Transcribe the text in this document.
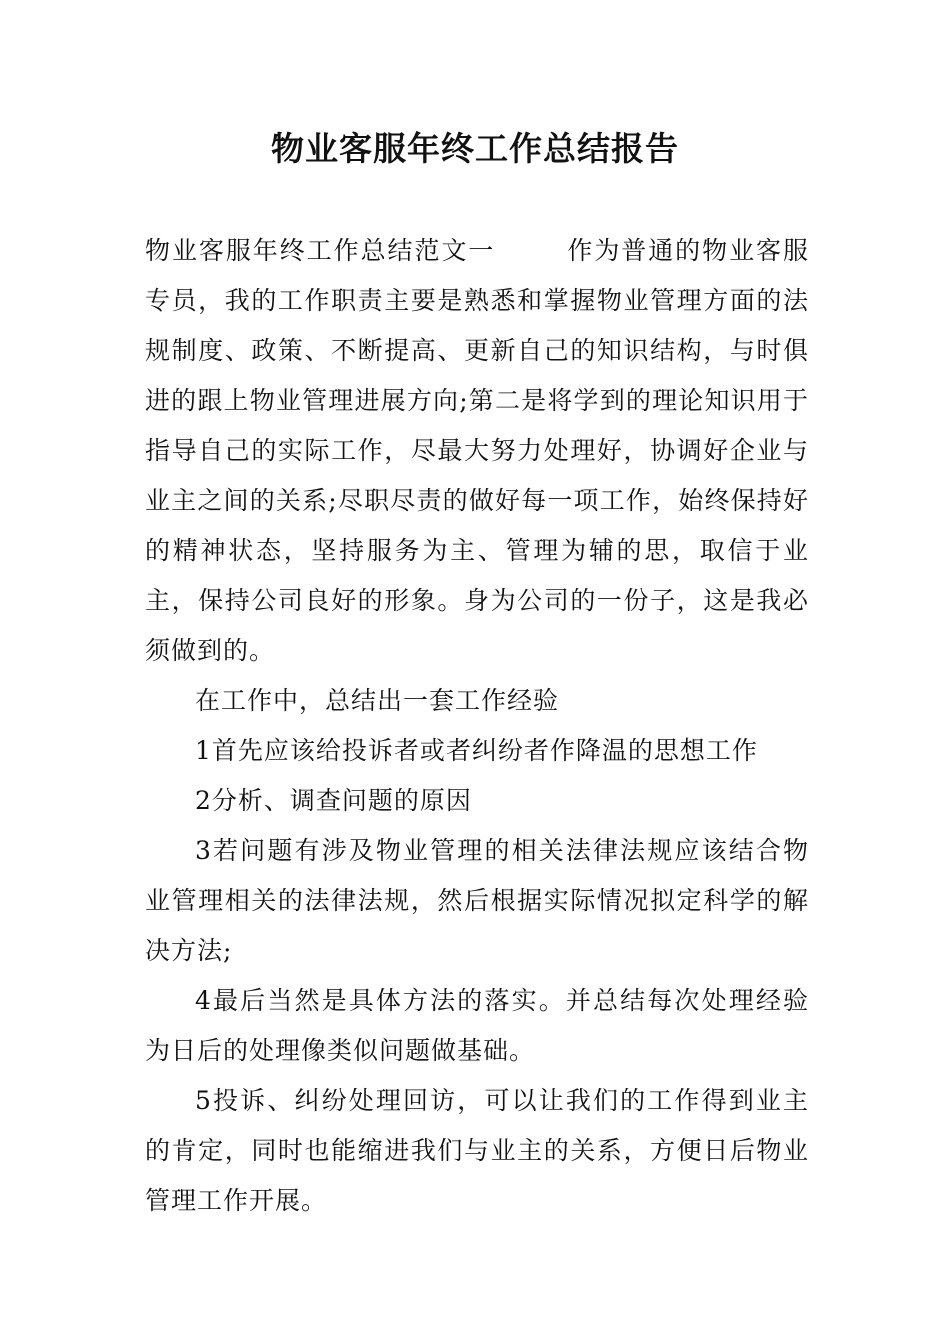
物业客服年终工作总结报告

物业客服年终工作总结范文一	作为普通的物业客服专员，我的工作职责主要是熟悉和掌握物业管理方面的法规制度、政策、不断提高、更新自己的知识结构，与时俱进的跟上物业管理进展方向;第二是将学到的理论知识用于指导自己的实际工作，尽最大努力处理好，协调好企业与业主之间的关系;尽职尽责的做好每一项工作，始终保持好的精神状态，坚持服务为主、管理为辅的思，取信于业主，保持公司良好的形象。身为公司的一份子，这是我必须做到的。

在工作中，总结出一套工作经验

1首先应该给投诉者或者纠纷者作降温的思想工作

2分析、调查问题的原因

3若问题有涉及物业管理的相关法律法规应该结合物业管理相关的法律法规，然后根据实际情况拟定科学的解决方法;

4最后当然是具体方法的落实。并总结每次处理经验为日后的处理像类似问题做基础。

5投诉、纠纷处理回访，可以让我们的工作得到业主的肯定，同时也能缩进我们与业主的关系，方便日后物业管理工作开展。
